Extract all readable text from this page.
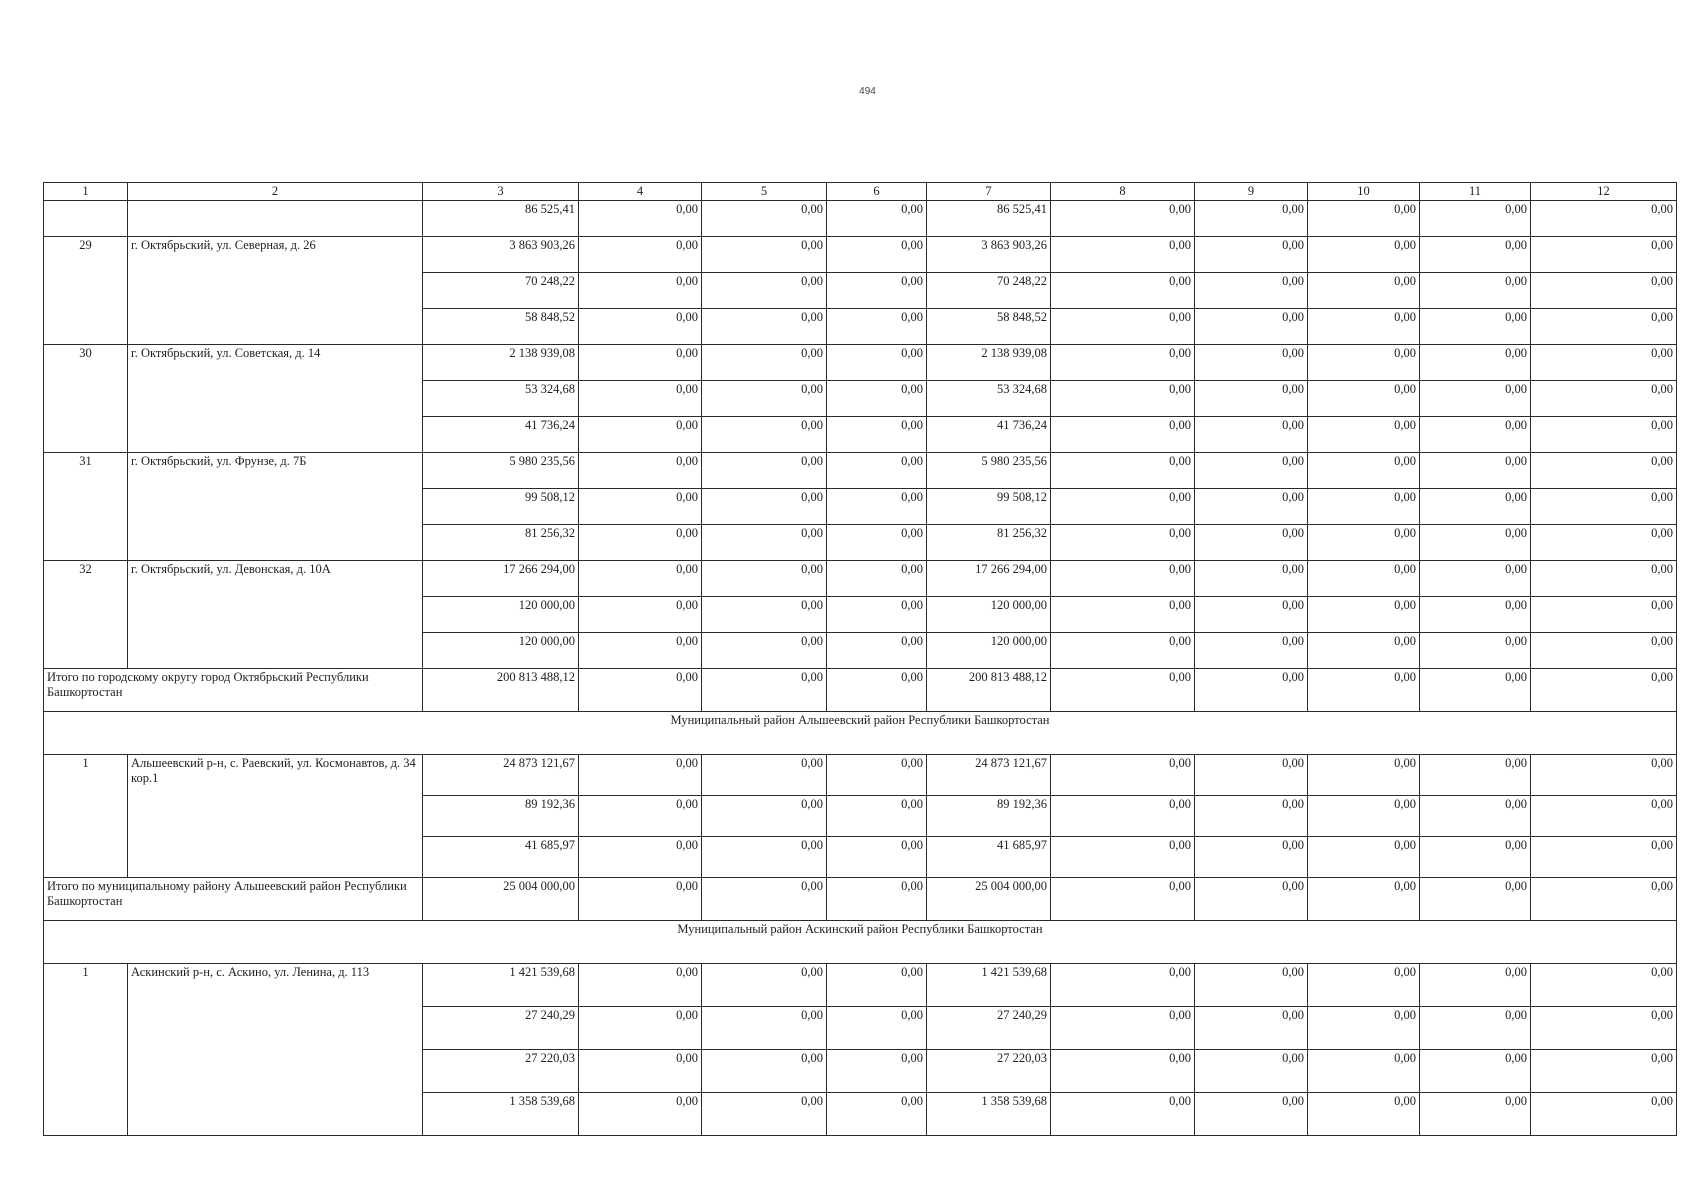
494
1	2	3	4	5	6	7	8	9	10	11	12
		86 525,41	0,00	0,00	0,00	86 525,41	0,00	0,00	0,00	0,00	0,00
29	г. Октябрьский, ул. Северная, д. 26	3 863 903,26	0,00	0,00	0,00	3 863 903,26	0,00	0,00	0,00	0,00	0,00
		70 248,22	0,00	0,00	0,00	70 248,22	0,00	0,00	0,00	0,00	0,00
		58 848,52	0,00	0,00	0,00	58 848,52	0,00	0,00	0,00	0,00	0,00
30	г. Октябрьский, ул. Советская, д. 14	2 138 939,08	0,00	0,00	0,00	2 138 939,08	0,00	0,00	0,00	0,00	0,00
		53 324,68	0,00	0,00	0,00	53 324,68	0,00	0,00	0,00	0,00	0,00
		41 736,24	0,00	0,00	0,00	41 736,24	0,00	0,00	0,00	0,00	0,00
31	г. Октябрьский, ул. Фрунзе, д. 7Б	5 980 235,56	0,00	0,00	0,00	5 980 235,56	0,00	0,00	0,00	0,00	0,00
		99 508,12	0,00	0,00	0,00	99 508,12	0,00	0,00	0,00	0,00	0,00
		81 256,32	0,00	0,00	0,00	81 256,32	0,00	0,00	0,00	0,00	0,00
32	г. Октябрьский, ул. Девонская, д. 10А	17 266 294,00	0,00	0,00	0,00	17 266 294,00	0,00	0,00	0,00	0,00	0,00
		120 000,00	0,00	0,00	0,00	120 000,00	0,00	0,00	0,00	0,00	0,00
		120 000,00	0,00	0,00	0,00	120 000,00	0,00	0,00	0,00	0,00	0,00
Итого по городскому округу город Октябрьский Республики Башкортостан		200 813 488,12	0,00	0,00	0,00	200 813 488,12	0,00	0,00	0,00	0,00	0,00
Муниципальный район Альшеевский район Республики Башкортостан											
1	Альшеевский р-н, с. Раевский, ул. Космонавтов, д. 34 кор.1	24 873 121,67	0,00	0,00	0,00	24 873 121,67	0,00	0,00	0,00	0,00	0,00
		89 192,36	0,00	0,00	0,00	89 192,36	0,00	0,00	0,00	0,00	0,00
		41 685,97	0,00	0,00	0,00	41 685,97	0,00	0,00	0,00	0,00	0,00
Итого по муниципальному району Альшеевский район Республики Башкортостан		25 004 000,00	0,00	0,00	0,00	25 004 000,00	0,00	0,00	0,00	0,00	0,00
Муниципальный район Аскинский район Республики Башкортостан											
1	Аскинский р-н, с. Аскино, ул. Ленина, д. 113	1 421 539,68	0,00	0,00	0,00	1 421 539,68	0,00	0,00	0,00	0,00	0,00
		27 240,29	0,00	0,00	0,00	27 240,29	0,00	0,00	0,00	0,00	0,00
		27 220,03	0,00	0,00	0,00	27 220,03	0,00	0,00	0,00	0,00	0,00
		1 358 539,68	0,00	0,00	0,00	1 358 539,68	0,00	0,00	0,00	0,00	0,00
